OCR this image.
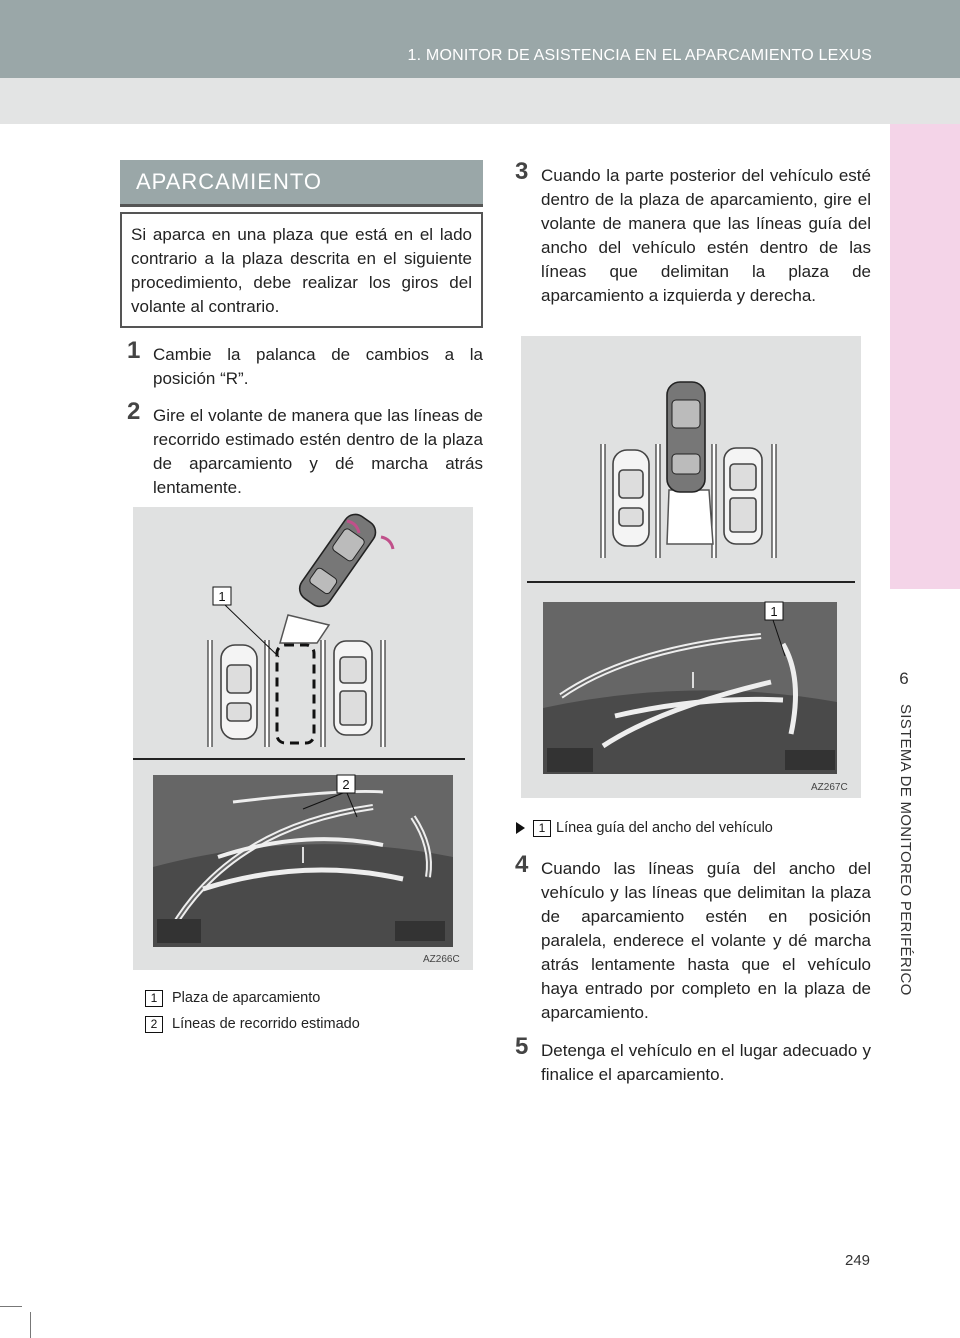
1. MONITOR DE ASISTENCIA EN EL APARCAMIENTO LEXUS
6
SISTEMA DE MONITOREO PERIFÉRICO
APARCAMIENTO
Si aparca en una plaza que está en el lado contrario a la plaza descrita en el siguiente procedimiento, debe realizar los giros del volante al contrario.
1 Cambie la palanca de cambios a la posición “R”.
2 Gire el volante de manera que las líneas de recorrido estimado estén dentro de la plaza de aparcamiento y dé marcha atrás lentamente.
1
2
AZ266C
1	Plaza de aparcamiento
2	Líneas de recorrido estimado
3 Cuando la parte posterior del vehículo esté dentro de la plaza de aparcamiento, gire el volante de manera que las líneas guía del ancho del vehículo estén dentro de las líneas que delimitan la plaza de aparcamiento a izquierda y derecha.
1
AZ267C
1 Línea guía del ancho del vehículo
4 Cuando las líneas guía del ancho del vehículo y las líneas que delimitan la plaza de aparcamiento estén en posición paralela, enderece el volante y dé marcha atrás lentamente hasta que el vehículo haya entrado por completo en la plaza de aparcamiento.
5 Detenga el vehículo en el lugar adecuado y finalice el aparcamiento.
249
